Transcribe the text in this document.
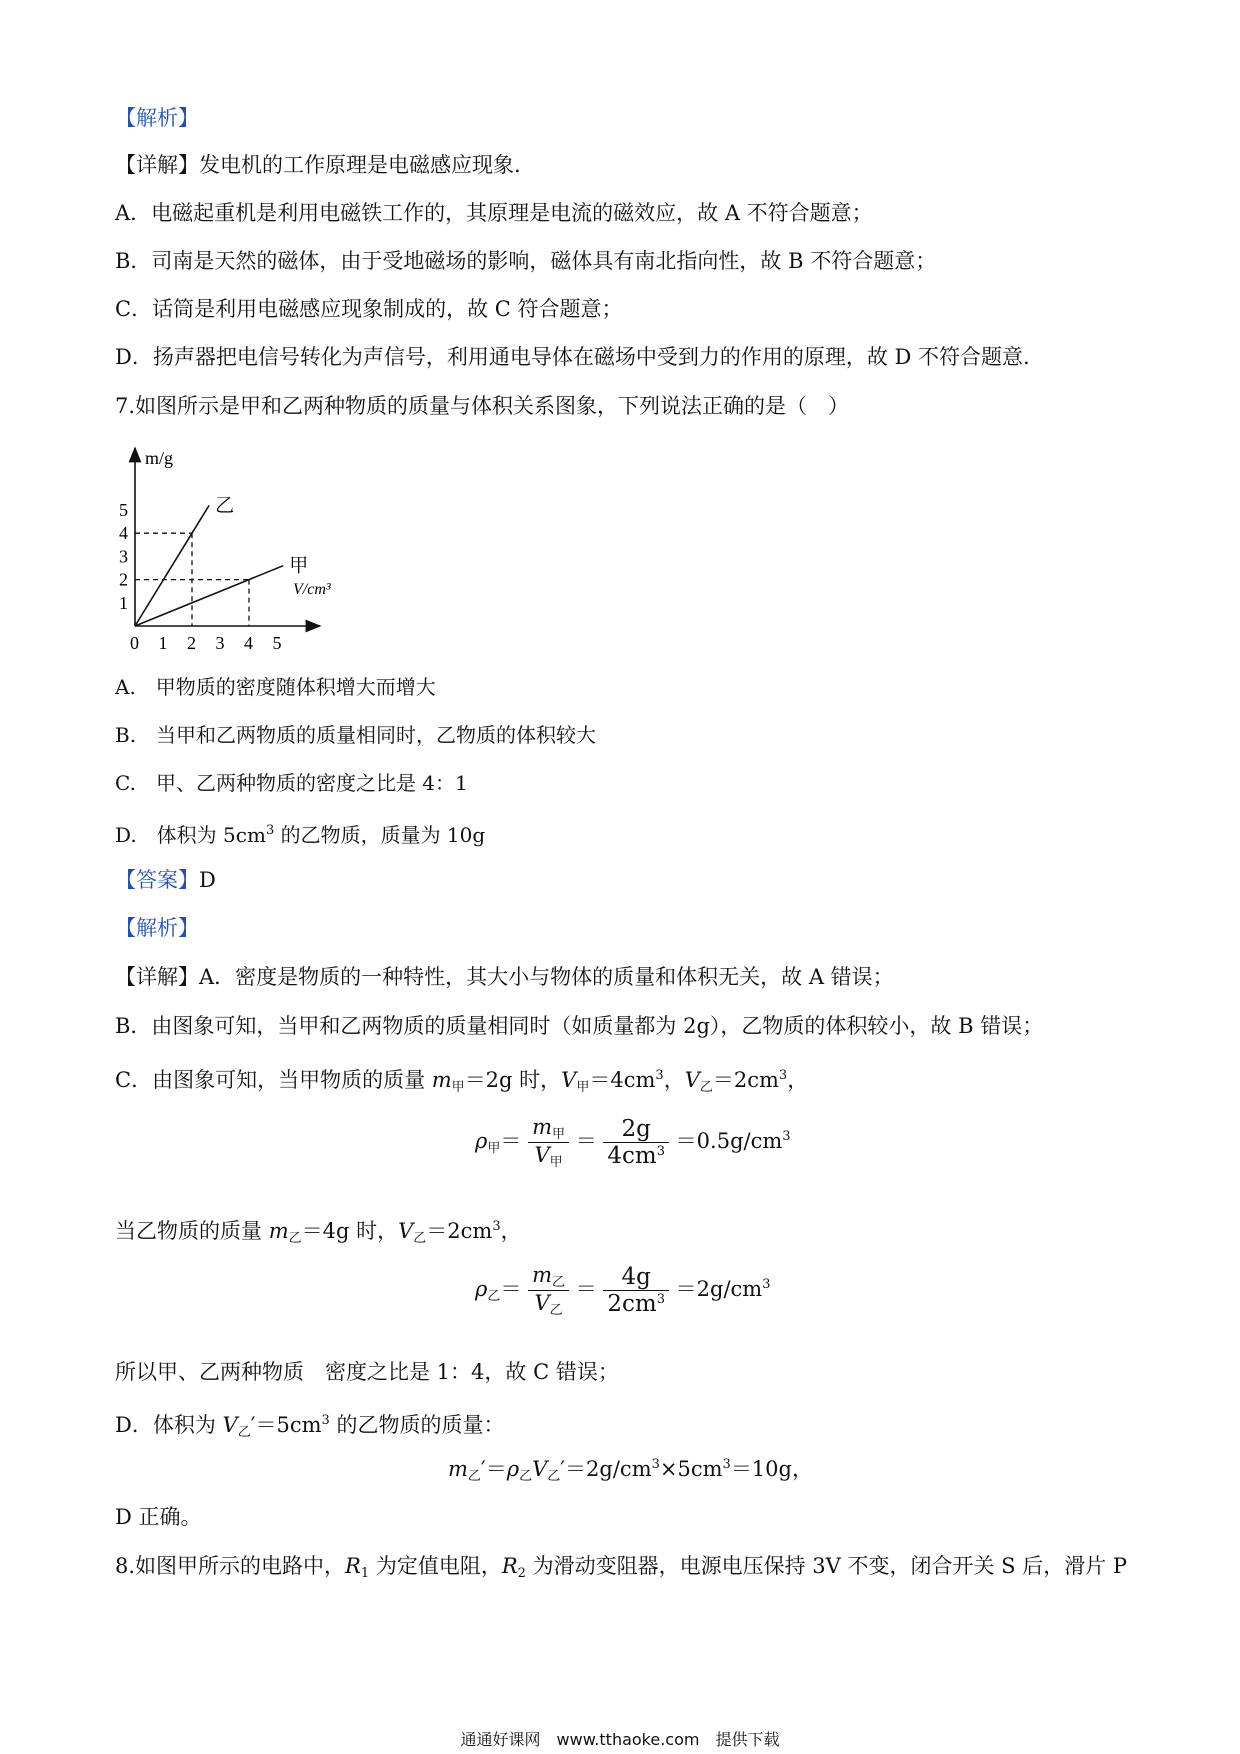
【解析】
【详解】发电机的工作原理是电磁感应现象.
A．电磁起重机是利用电磁铁工作的，其原理是电流的磁效应，故 A 不符合题意；
B．司南是天然的磁体，由于受地磁场的影响，磁体具有南北指向性，故 B 不符合题意；
C．话筒是利用电磁感应现象制成的，故 C 符合题意；
D．扬声器把电信号转化为声信号，利用通电导体在磁场中受到力的作用的原理，故 D 不符合题意.
7.如图所示是甲和乙两种物质的质量与体积关系图象，下列说法正确的是（　）
m/g
V/cm³
乙
甲
0 1 2 3 4 5
1
2
3
4
5
A.　甲物质的密度随体积增大而增大
B.　当甲和乙两物质的质量相同时，乙物质的体积较大
C.　甲、乙两种物质的密度之比是 4：1
D.　体积为 $5cm^3$ 的乙物质，质量为 10g
【答案】D
【解析】
【详解】A．密度是物质的一种特性，其大小与物体的质量和体积无关，故 A 错误；
B．由图象可知，当甲和乙两物质的质量相同时（如质量都为 2g），乙物质的体积较小，故 B 错误；
C．由图象可知，当甲物质的质量 $m_甲=2g$ 时，$V_甲=4cm^3$，$V_乙=2cm^3$，
$\rho_甲= \frac{m_甲}{V_甲} = \frac{2g}{4cm^3} =0.5g/cm^3$
当乙物质的质量 $m_乙=4g$ 时，$V_乙=2cm^3$，
$\rho_乙= \frac{m_乙}{V_乙} = \frac{4g}{2cm^3} =2g/cm^3$
所以甲、乙两种物质　密度之比是 1：4，故 C 错误；
D．体积为 $V_乙'=5cm^3$ 的乙物质的质量：
$m_乙'=\rho_乙V_乙'=2g/cm^3\times 5cm^3=10g$，
D 正确。
8.如图甲所示的电路中，$R_1$ 为定值电阻，$R_2$ 为滑动变阻器，电源电压保持 3V 不变，闭合开关 S 后，滑片 P
通通好课网　www.tthaoke.com　提供下载
